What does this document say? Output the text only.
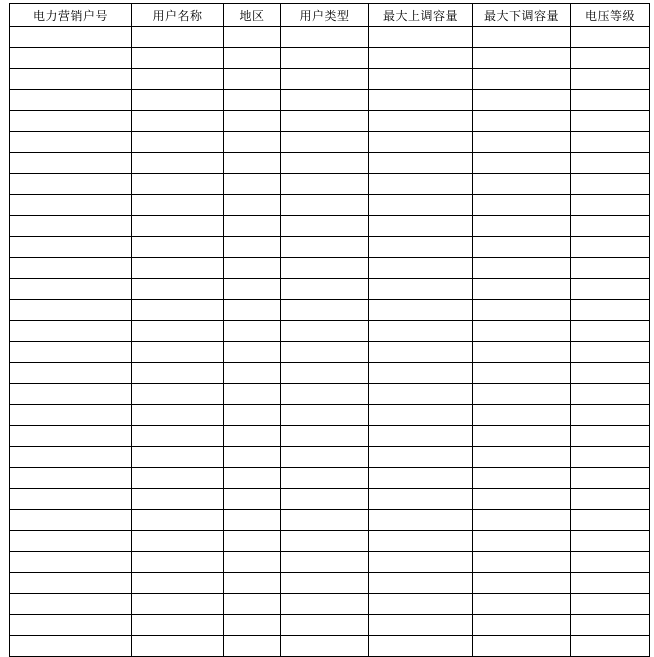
电力营销户号	用户名称	地区	用户类型	最大上调容量	最大下调容量	电压等级
